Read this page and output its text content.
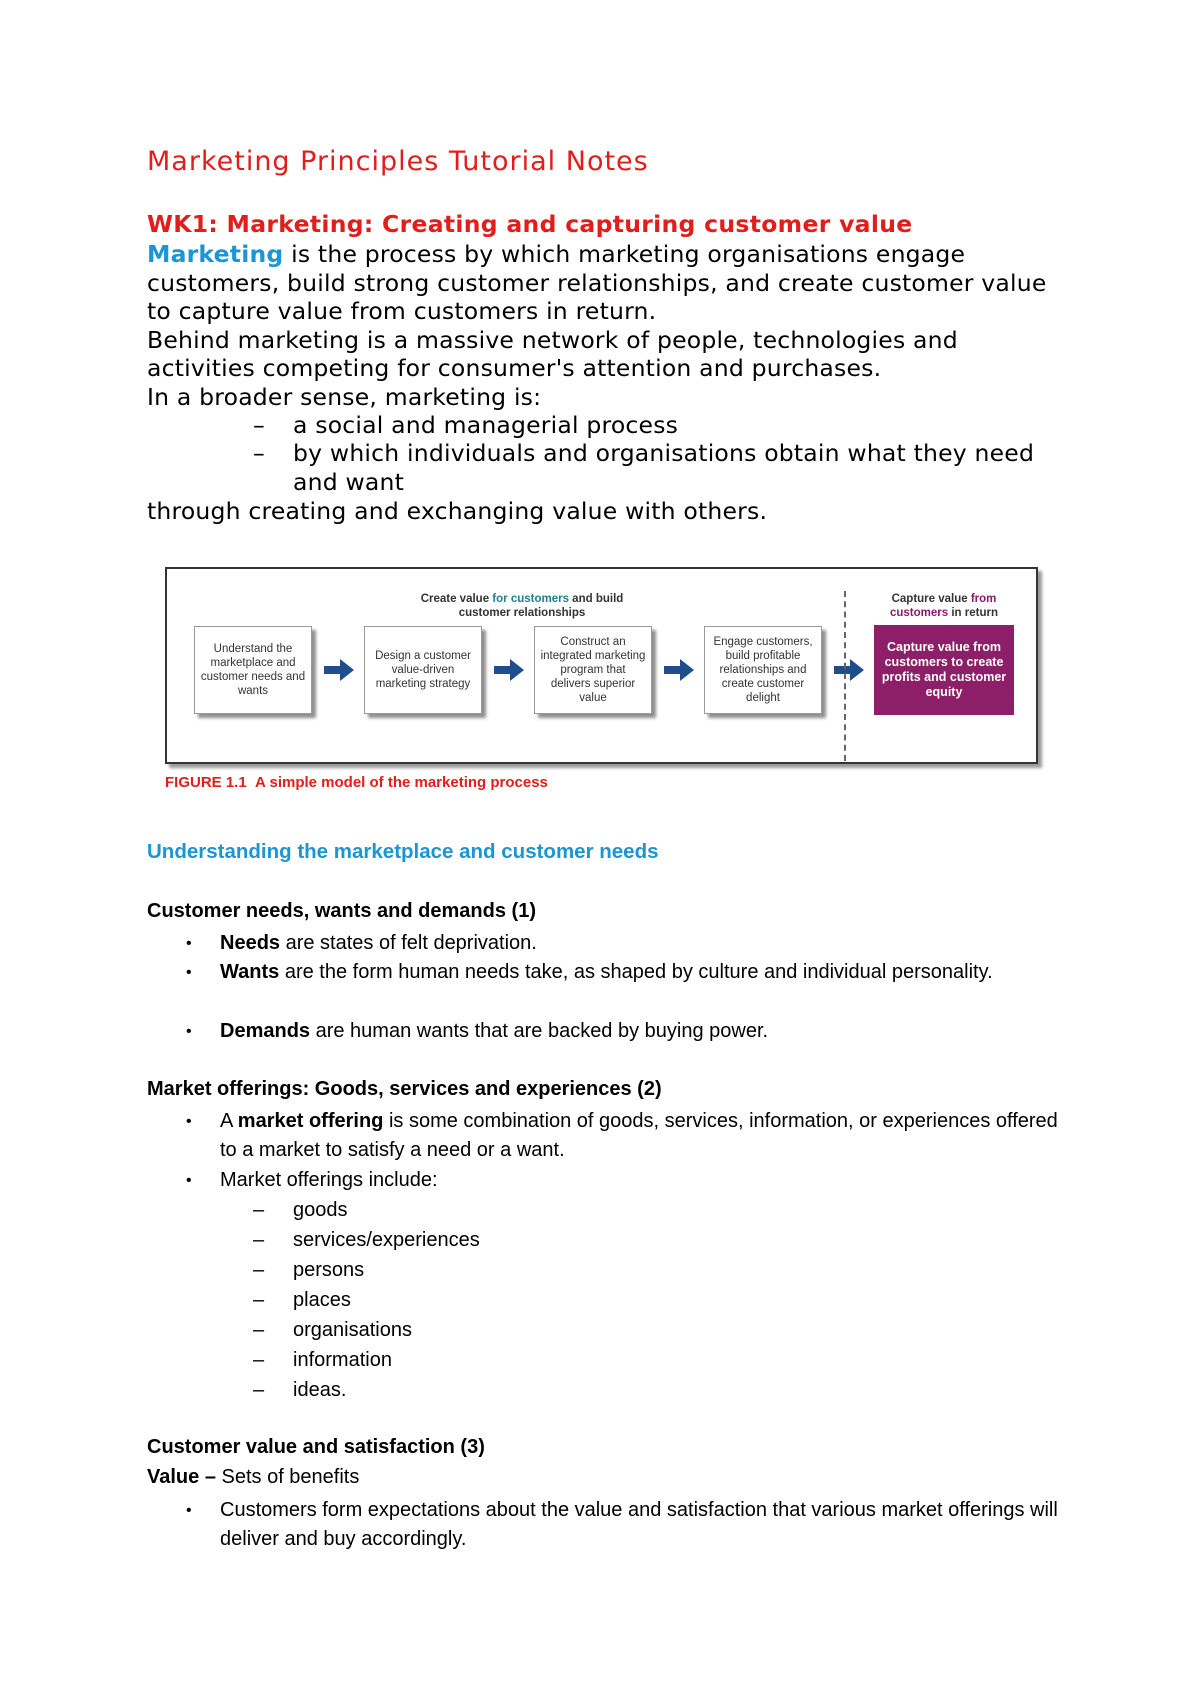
Marketing Principles Tutorial Notes
WK1: Marketing: Creating and capturing customer value
Marketing is the process by which marketing organisations engage customers, build strong customer relationships, and create customer value to capture value from customers in return.
Behind marketing is a massive network of people, technologies and activities competing for consumer's attention and purchases.
In a broader sense, marketing is:
– a social and managerial process
– by which individuals and organisations obtain what they need and want
through creating and exchanging value with others.
Create value for customers and build customer relationships
Capture value from customers in return
Understand the marketplace and customer needs and wants
Design a customer value-driven marketing strategy
Construct an integrated marketing program that delivers superior value
Engage customers, build profitable relationships and create customer delight
Capture value from customers to create profits and customer equity
FIGURE 1.1 A simple model of the marketing process
Understanding the marketplace and customer needs
Customer needs, wants and demands (1)
• Needs are states of felt deprivation.
• Wants are the form human needs take, as shaped by culture and individual personality.
• Demands are human wants that are backed by buying power.
Market offerings: Goods, services and experiences (2)
• A market offering is some combination of goods, services, information, or experiences offered to a market to satisfy a need or a want.
• Market offerings include:
– goods
– services/experiences
– persons
– places
– organisations
– information
– ideas.
Customer value and satisfaction (3)
Value – Sets of benefits
• Customers form expectations about the value and satisfaction that various market offerings will deliver and buy accordingly.
